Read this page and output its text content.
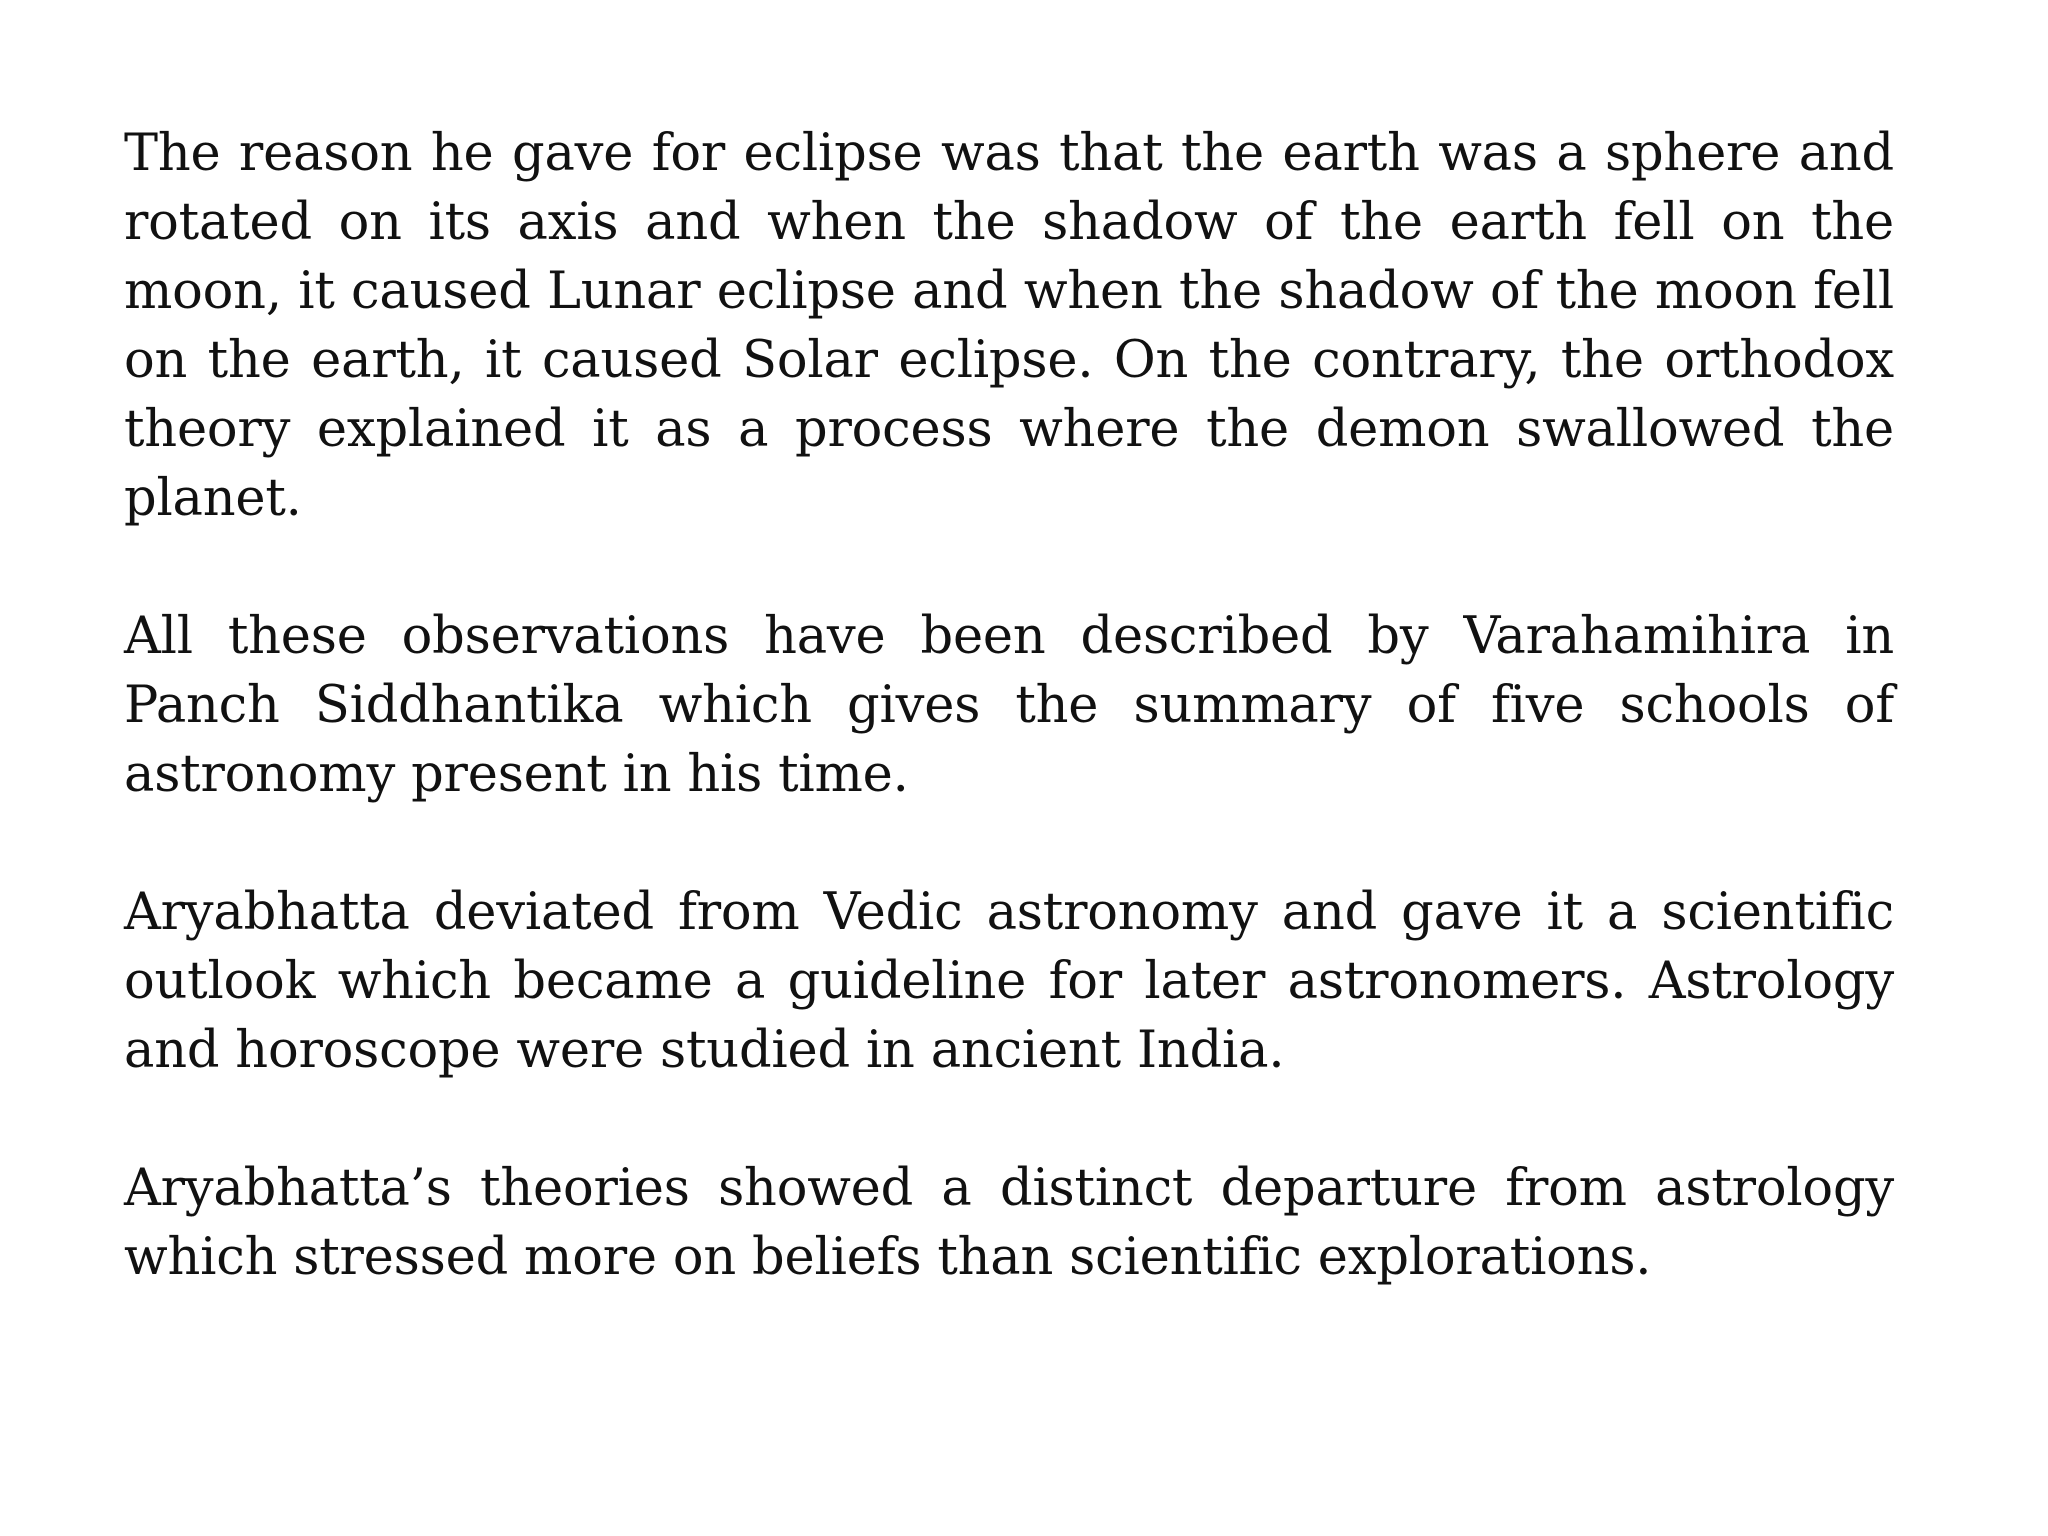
The reason he gave for eclipse was that the earth was a sphere and rotated on its axis and when the shadow of the earth fell on the moon, it caused Lunar eclipse and when the shadow of the moon fell on the earth, it caused Solar eclipse. On the contrary, the orthodox theory explained it as a process where the demon swallowed the planet.

All these observations have been described by Varahamihira in Panch Siddhantika which gives the summary of five schools of astronomy present in his time.

Aryabhatta deviated from Vedic astronomy and gave it a scientific outlook which became a guideline for later astronomers. Astrology and horoscope were studied in ancient India.

Aryabhatta’s theories showed a distinct departure from astrology which stressed more on beliefs than scientific explorations.
